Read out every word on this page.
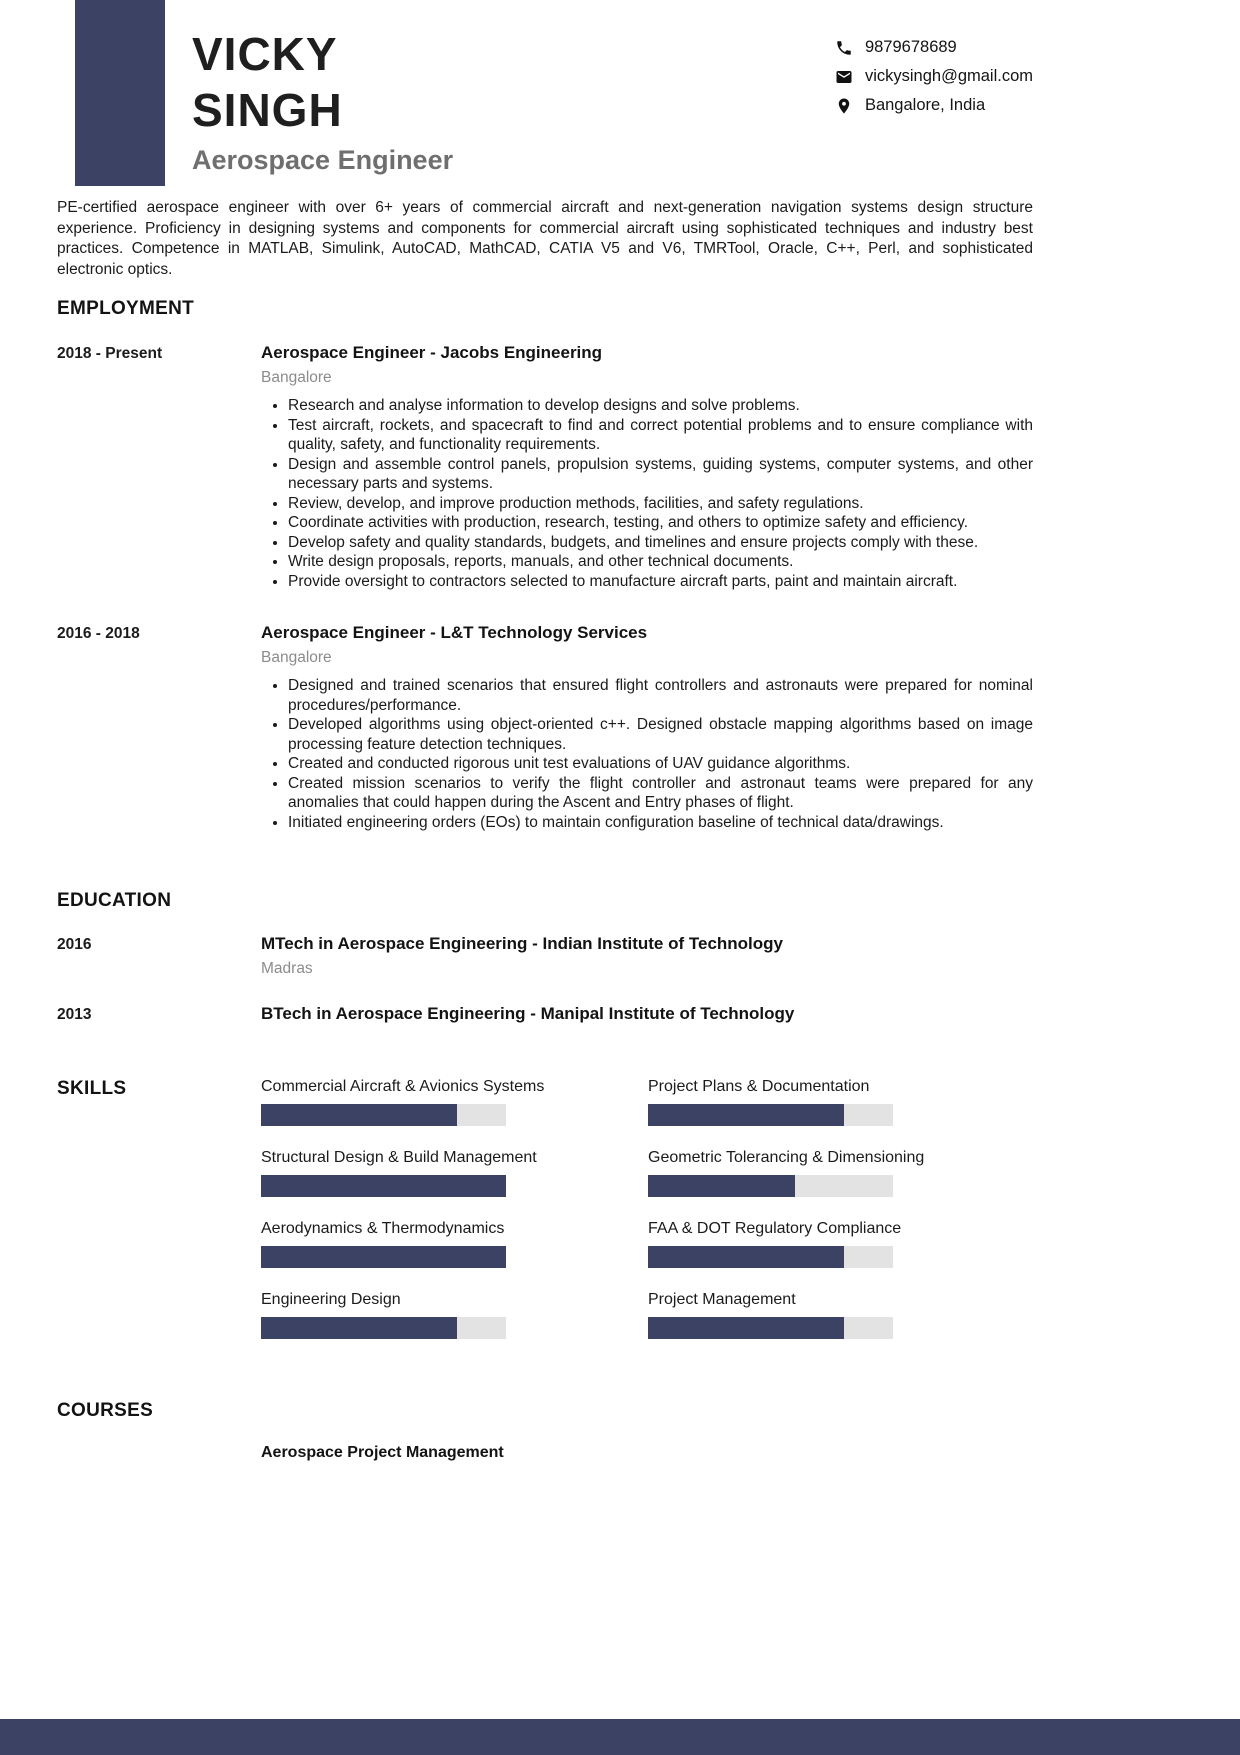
VICKY
SINGH
Aerospace Engineer
9879678689
vickysingh@gmail.com
Bangalore, India

PE-certified aerospace engineer with over 6+ years of commercial aircraft and next-generation navigation systems design structure experience. Proficiency in designing systems and components for commercial aircraft using sophisticated techniques and industry best practices. Competence in MATLAB, Simulink, AutoCAD, MathCAD, CATIA V5 and V6, TMRTool, Oracle, C++, Perl, and sophisticated electronic optics.

EMPLOYMENT
2018 - Present	Aerospace Engineer - Jacobs Engineering
Bangalore
• Research and analyse information to develop designs and solve problems.
• Test aircraft, rockets, and spacecraft to find and correct potential problems and to ensure compliance with quality, safety, and functionality requirements.
• Design and assemble control panels, propulsion systems, guiding systems, computer systems, and other necessary parts and systems.
• Review, develop, and improve production methods, facilities, and safety regulations.
• Coordinate activities with production, research, testing, and others to optimize safety and efficiency.
• Develop safety and quality standards, budgets, and timelines and ensure projects comply with these.
• Write design proposals, reports, manuals, and other technical documents.
• Provide oversight to contractors selected to manufacture aircraft parts, paint and maintain aircraft.
2016 - 2018	Aerospace Engineer - L&T Technology Services
Bangalore
• Designed and trained scenarios that ensured flight controllers and astronauts were prepared for nominal procedures/performance.
• Developed algorithms using object-oriented c++. Designed obstacle mapping algorithms based on image processing feature detection techniques.
• Created and conducted rigorous unit test evaluations of UAV guidance algorithms.
• Created mission scenarios to verify the flight controller and astronaut teams were prepared for any anomalies that could happen during the Ascent and Entry phases of flight.
• Initiated engineering orders (EOs) to maintain configuration baseline of technical data/drawings.
EDUCATION
2016	MTech in Aerospace Engineering - Indian Institute of Technology
Madras
2013	BTech in Aerospace Engineering - Manipal Institute of Technology
SKILLS	Commercial Aircraft & Avionics Systems
Structural Design & Build Management
Aerodynamics & Thermodynamics
Engineering Design
Project Plans & Documentation
Geometric Tolerancing & Dimensioning
FAA & DOT Regulatory Compliance
Project Management
COURSES
Aerospace Project Management
